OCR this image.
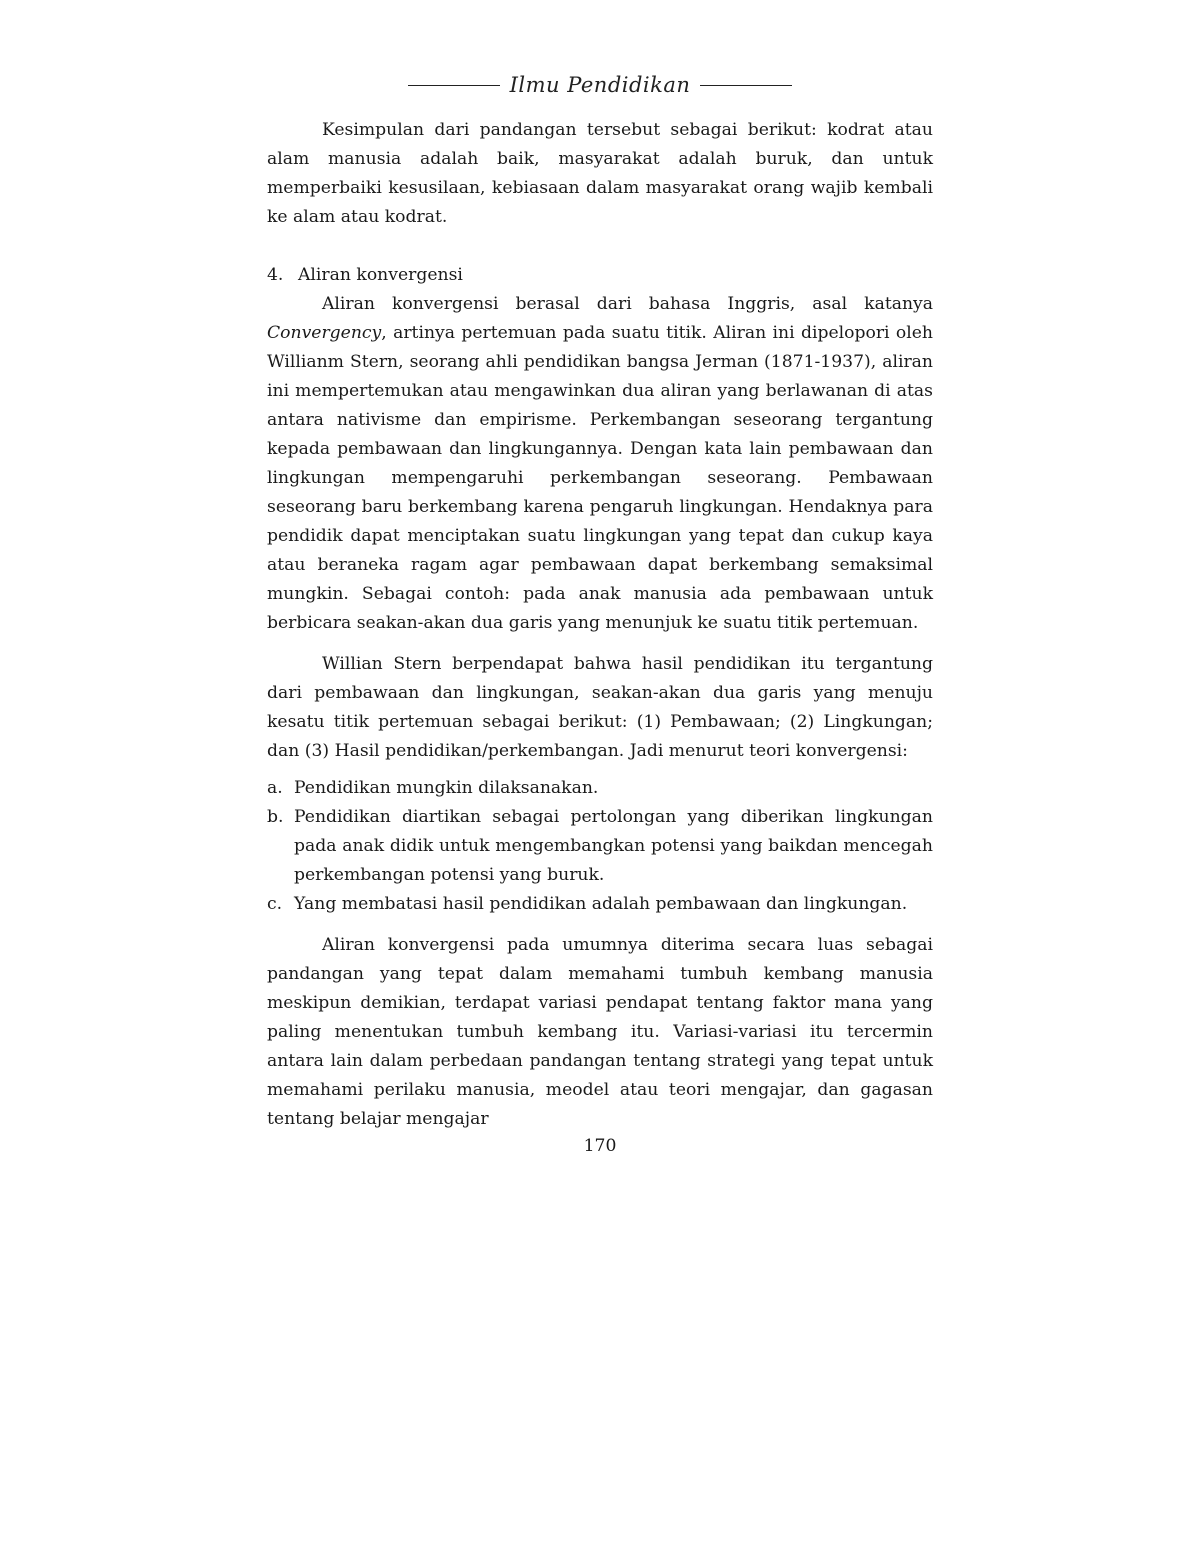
Ilmu Pendidikan

Kesimpulan dari pandangan tersebut sebagai berikut: kodrat atau alam manusia adalah baik, masyarakat adalah buruk, dan untuk memperbaiki kesusilaan, kebiasaan dalam masyarakat orang wajib kembali ke alam atau kodrat.

4. Aliran konvergensi

Aliran konvergensi berasal dari bahasa Inggris, asal katanya Convergency, artinya pertemuan pada suatu titik. Aliran ini dipelopori oleh Willianm Stern, seorang ahli pendidikan bangsa Jerman (1871-1937), aliran ini mempertemukan atau mengawinkan dua aliran yang berlawanan di atas antara nativisme dan empirisme. Perkembangan seseorang tergantung kepada pembawaan dan lingkungannya. Dengan kata lain pembawaan dan lingkungan mempengaruhi perkembangan seseorang. Pembawaan seseorang baru berkembang karena pengaruh lingkungan. Hendaknya para pendidik dapat menciptakan suatu lingkungan yang tepat dan cukup kaya atau beraneka ragam agar pembawaan dapat berkembang semaksimal mungkin. Sebagai contoh: pada anak manusia ada pembawaan untuk berbicara seakan-akan dua garis yang menunjuk ke suatu titik pertemuan.

Willian Stern berpendapat bahwa hasil pendidikan itu tergantung dari pembawaan dan lingkungan, seakan-akan dua garis yang menuju kesatu titik pertemuan sebagai berikut: (1) Pembawaan; (2) Lingkungan; dan (3) Hasil pendidikan/perkembangan. Jadi menurut teori konvergensi:

a. Pendidikan mungkin dilaksanakan.
b. Pendidikan diartikan sebagai pertolongan yang diberikan lingkungan pada anak didik untuk mengembangkan potensi yang baikdan mencegah perkembangan potensi yang buruk.
c. Yang membatasi hasil pendidikan adalah pembawaan dan lingkungan.

Aliran konvergensi pada umumnya diterima secara luas sebagai pandangan yang tepat dalam memahami tumbuh kembang manusia meskipun demikian, terdapat variasi pendapat tentang faktor mana yang paling menentukan tumbuh kembang itu. Variasi-variasi itu tercermin antara lain dalam perbedaan pandangan tentang strategi yang tepat untuk memahami perilaku manusia, meodel atau teori mengajar, dan gagasan tentang belajar mengajar

170
